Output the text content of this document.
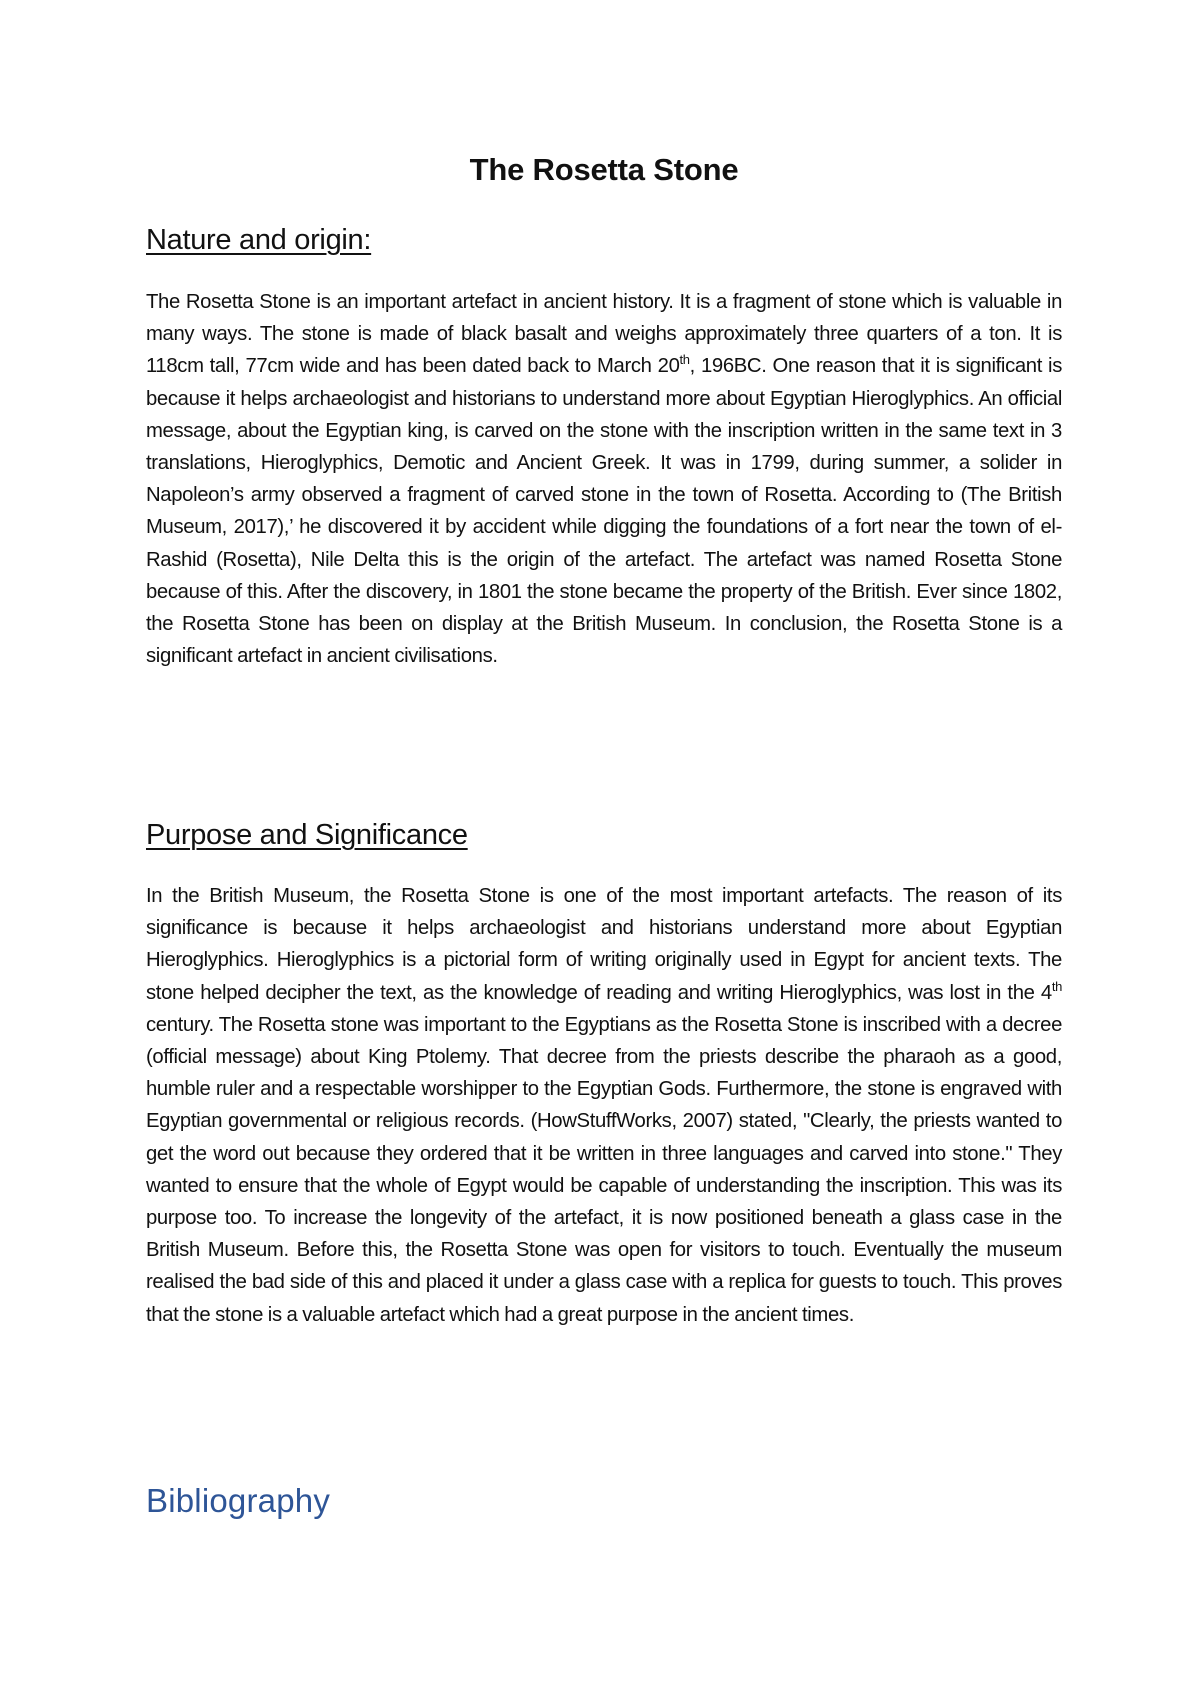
The Rosetta Stone
Nature and origin:

The Rosetta Stone is an important artefact in ancient history. It is a fragment of stone which is valuable in many ways. The stone is made of black basalt and weighs approximately three quarters of a ton. It is 118cm tall, 77cm wide and has been dated back to March 20th, 196BC. One reason that it is significant is because it helps archaeologist and historians to understand more about Egyptian Hieroglyphics. An official message, about the Egyptian king, is carved on the stone with the inscription written in the same text in 3 translations, Hieroglyphics, Demotic and Ancient Greek. It was in 1799, during summer, a solider in Napoleon’s army observed a fragment of carved stone in the town of Rosetta. According to (The British Museum, 2017),’ he discovered it by accident while digging the foundations of a fort near the town of el-Rashid (Rosetta), Nile Delta this is the origin of the artefact. The artefact was named Rosetta Stone because of this. After the discovery, in 1801 the stone became the property of the British. Ever since 1802, the Rosetta Stone has been on display at the British Museum. In conclusion, the Rosetta Stone is a significant artefact in ancient civilisations.

Purpose and Significance

In the British Museum, the Rosetta Stone is one of the most important artefacts. The reason of its significance is because it helps archaeologist and historians understand more about Egyptian Hieroglyphics. Hieroglyphics is a pictorial form of writing originally used in Egypt for ancient texts. The stone helped decipher the text, as the knowledge of reading and writing Hieroglyphics, was lost in the 4th century. The Rosetta stone was important to the Egyptians as the Rosetta Stone is inscribed with a decree (official message) about King Ptolemy. That decree from the priests describe the pharaoh as a good, humble ruler and a respectable worshipper to the Egyptian Gods. Furthermore, the stone is engraved with Egyptian governmental or religious records. (HowStuffWorks, 2007) stated, "Clearly, the priests wanted to get the word out because they ordered that it be written in three languages and carved into stone." They wanted to ensure that the whole of Egypt would be capable of understanding the inscription. This was its purpose too. To increase the longevity of the artefact, it is now positioned beneath a glass case in the British Museum. Before this, the Rosetta Stone was open for visitors to touch. Eventually the museum realised the bad side of this and placed it under a glass case with a replica for guests to touch. This proves that the stone is a valuable artefact which had a great purpose in the ancient times.

Bibliography
